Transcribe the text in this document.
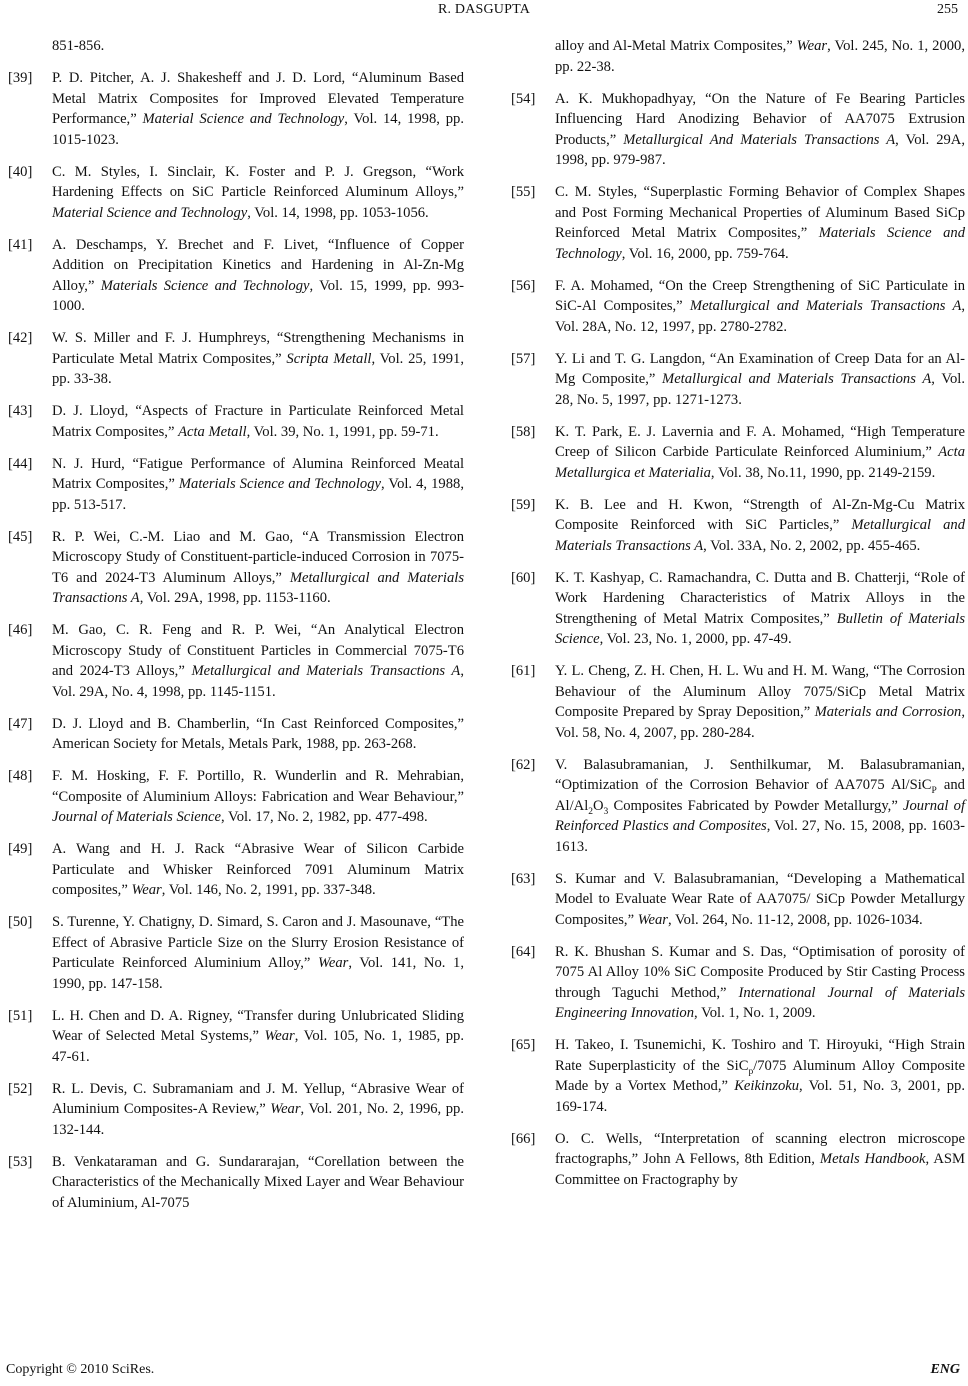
R. DASGUPTA	255
851-856.
[39]	P. D. Pitcher, A. J. Shakesheff and J. D. Lord, “Aluminum Based Metal Matrix Composites for Improved Elevated Temperature Performance,” Material Science and Technology, Vol. 14, 1998, pp. 1015-1023.
[40]	C. M. Styles, I. Sinclair, K. Foster and P. J. Gregson, “Work Hardening Effects on SiC Particle Reinforced Aluminum Alloys,” Material Science and Technology, Vol. 14, 1998, pp. 1053-1056.
[41]	A. Deschamps, Y. Brechet and F. Livet, “Influence of Copper Addition on Precipitation Kinetics and Hardening in Al-Zn-Mg Alloy,” Materials Science and Technology, Vol. 15, 1999, pp. 993-1000.
[42]	W. S. Miller and F. J. Humphreys, “Strengthening Mechanisms in Particulate Metal Matrix Composites,” Scripta Metall, Vol. 25, 1991, pp. 33-38.
[43]	D. J. Lloyd, “Aspects of Fracture in Particulate Reinforced Metal Matrix Composites,” Acta Metall, Vol. 39, No. 1, 1991, pp. 59-71.
[44]	N. J. Hurd, “Fatigue Performance of Alumina Reinforced Meatal Matrix Composites,” Materials Science and Technology, Vol. 4, 1988, pp. 513-517.
[45]	R. P. Wei, C.-M. Liao and M. Gao, “A Transmission Electron Microscopy Study of Constituent-particle-induced Corrosion in 7075-T6 and 2024-T3 Aluminum Alloys,” Metallurgical and Materials Transactions A, Vol. 29A, 1998, pp. 1153-1160.
[46]	M. Gao, C. R. Feng and R. P. Wei, “An Analytical Electron Microscopy Study of Constituent Particles in Commercial 7075-T6 and 2024-T3 Alloys,” Metallurgical and Materials Transactions A, Vol. 29A, No. 4, 1998, pp. 1145-1151.
[47]	D. J. Lloyd and B. Chamberlin, “In Cast Reinforced Composites,” American Society for Metals, Metals Park, 1988, pp. 263-268.
[48]	F. M. Hosking, F. F. Portillo, R. Wunderlin and R. Mehrabian, “Composite of Aluminium Alloys: Fabrication and Wear Behaviour,” Journal of Materials Science, Vol. 17, No. 2, 1982, pp. 477-498.
[49]	A. Wang and H. J. Rack “Abrasive Wear of Silicon Carbide Particulate and Whisker Reinforced 7091 Aluminum Matrix composites,” Wear, Vol. 146, No. 2, 1991, pp. 337-348.
[50]	S. Turenne, Y. Chatigny, D. Simard, S. Caron and J. Masounave, “The Effect of Abrasive Particle Size on the Slurry Erosion Resistance of Particulate Reinforced Aluminium Alloy,” Wear, Vol. 141, No. 1, 1990, pp. 147-158.
[51]	L. H. Chen and D. A. Rigney, “Transfer during Unlubricated Sliding Wear of Selected Metal Systems,” Wear, Vol. 105, No. 1, 1985, pp. 47-61.
[52]	R. L. Devis, C. Subramaniam and J. M. Yellup, “Abrasive Wear of Aluminium Composites-A Review,” Wear, Vol. 201, No. 2, 1996, pp. 132-144.
[53]	B. Venkataraman and G. Sundararajan, “Corellation between the Characteristics of the Mechanically Mixed Layer and Wear Behaviour of Aluminium, Al-7075
alloy and Al-Metal Matrix Composites,” Wear, Vol. 245, No. 1, 2000, pp. 22-38.
[54]	A. K. Mukhopadhyay, “On the Nature of Fe Bearing Particles Influencing Hard Anodizing Behavior of AA7075 Extrusion Products,” Metallurgical And Materials Transactions A, Vol. 29A, 1998, pp. 979-987.
[55]	C. M. Styles, “Superplastic Forming Behavior of Complex Shapes and Post Forming Mechanical Properties of Aluminum Based SiCp Reinforced Metal Matrix Composites,” Materials Science and Technology, Vol. 16, 2000, pp. 759-764.
[56]	F. A. Mohamed, “On the Creep Strengthening of SiC Particulate in SiC-Al Composites,” Metallurgical and Materials Transactions A, Vol. 28A, No. 12, 1997, pp. 2780-2782.
[57]	Y. Li and T. G. Langdon, “An Examination of Creep Data for an Al-Mg Composite,” Metallurgical and Materials Transactions A, Vol. 28, No. 5, 1997, pp. 1271-1273.
[58]	K. T. Park, E. J. Lavernia and F. A. Mohamed, “High Temperature Creep of Silicon Carbide Particulate Reinforced Aluminium,” Acta Metallurgica et Materialia, Vol. 38, No.11, 1990, pp. 2149-2159.
[59]	K. B. Lee and H. Kwon, “Strength of Al-Zn-Mg-Cu Matrix Composite Reinforced with SiC Particles,” Metallurgical and Materials Transactions A, Vol. 33A, No. 2, 2002, pp. 455-465.
[60]	K. T. Kashyap, C. Ramachandra, C. Dutta and B. Chatterji, “Role of Work Hardening Characteristics of Matrix Alloys in the Strengthening of Metal Matrix Composites,” Bulletin of Materials Science, Vol. 23, No. 1, 2000, pp. 47-49.
[61]	Y. L. Cheng, Z. H. Chen, H. L. Wu and H. M. Wang, “The Corrosion Behaviour of the Aluminum Alloy 7075/SiCp Metal Matrix Composite Prepared by Spray Deposition,” Materials and Corrosion, Vol. 58, No. 4, 2007, pp. 280-284.
[62]	V. Balasubramanian, J. Senthilkumar, M. Balasubramanian, “Optimization of the Corrosion Behavior of AA7075 Al/SiC$_P$ and $Al/Al_2O_3$ Composites Fabricated by Powder Metallurgy,” Journal of Reinforced Plastics and Composites, Vol. 27, No. 15, 2008, pp. 1603-1613.
[63]	S. Kumar and V. Balasubramanian, “Developing a Mathematical Model to Evaluate Wear Rate of AA7075/ SiCp Powder Metallurgy Composites,” Wear, Vol. 264, No. 11-12, 2008, pp. 1026-1034.
[64]	R. K. Bhushan S. Kumar and S. Das, “Optimisation of porosity of 7075 Al Alloy 10% SiC Composite Produced by Stir Casting Process through Taguchi Method,” International Journal of Materials Engineering Innovation, Vol. 1, No. 1, 2009.
[65]	H. Takeo, I. Tsunemichi, K. Toshiro and T. Hiroyuki, “High Strain Rate Superplasticity of the SiC$_p$/7075 Aluminum Alloy Composite Made by a Vortex Method,” Keikinzoku, Vol. 51, No. 3, 2001, pp. 169-174.
[66]	O. C. Wells, “Interpretation of scanning electron microscope fractographs,” John A Fellows, 8th Edition, Metals Handbook, ASM Committee on Fractography by
Copyright © 2010 SciRes.	ENG
